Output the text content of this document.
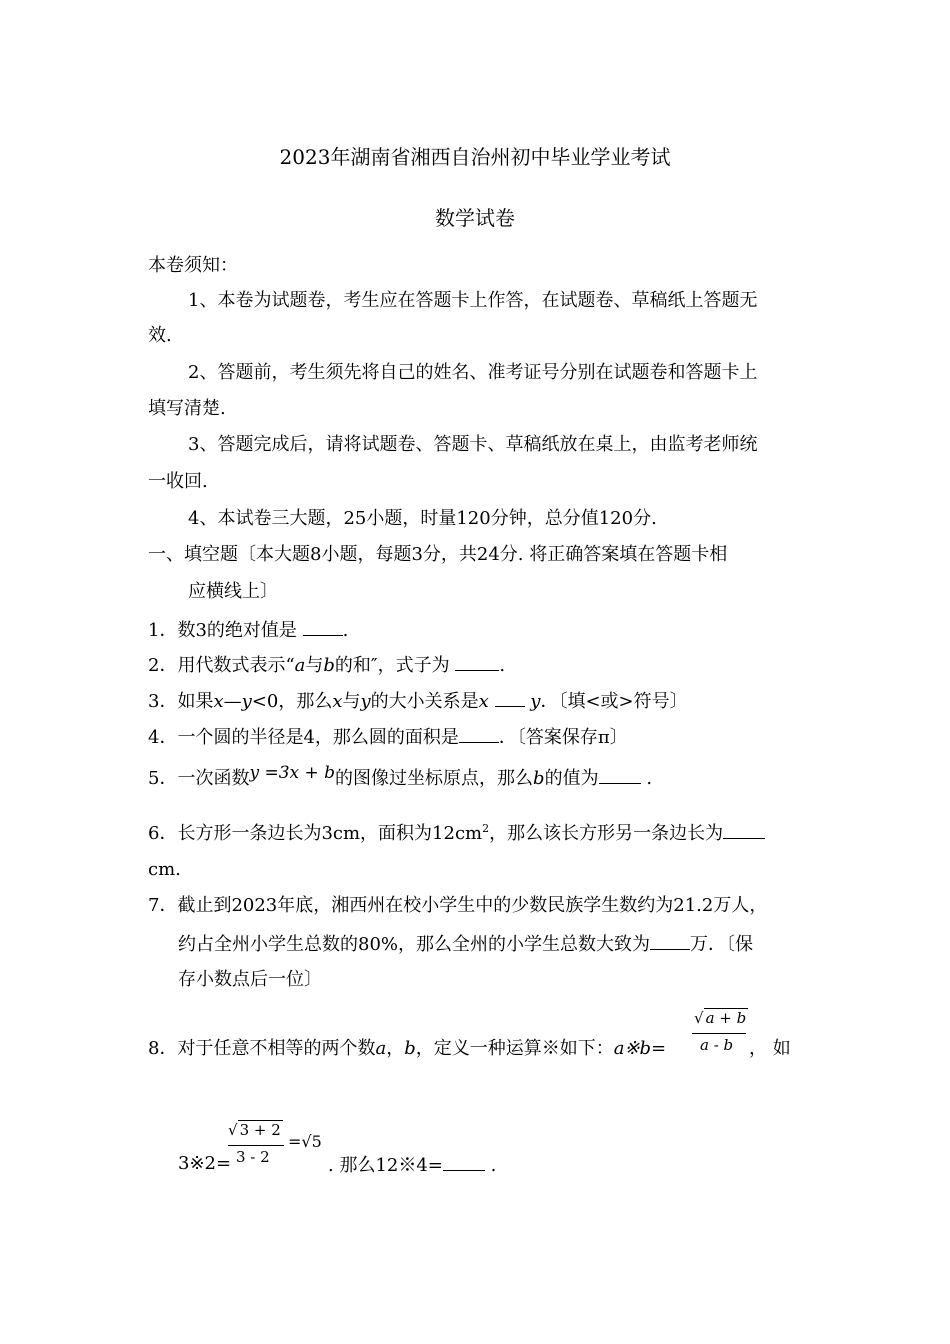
2023年湖南省湘西自治州初中毕业学业考试
数学试卷
本卷须知：
1、本卷为试题卷，考生应在答题卡上作答，在试题卷、草稿纸上答题无
效.
2、答题前，考生须先将自己的姓名、准考证号分别在试题卷和答题卡上
填写清楚.
3、答题完成后，请将试题卷、答题卡、草稿纸放在桌上，由监考老师统
一收回.
4、本试卷三大题，25小题，时量120分钟，总分值120分.
一、填空题〔本大题8小题，每题3分，共24分. 将正确答案填在答题卡相
应横线上〕
1．数3的绝对值是 .
2．用代数式表示“a与b的和″，式子为 .
3．如果x—y<0，那么x与y的大小关系是x y．〔填<或>符号〕
4．一个圆的半径是4，那么圆的面积是 ．〔答案保存π〕
5．一次函数y =3x + b的图像过坐标原点，那么b的值为	.
6．长方形一条边长为3cm，面积为$12cm^2$，那么该长方形另一条边长为
cm.
7．截止到2023年底，湘西州在校小学生中的少数民族学生数约为21.2万人，
约占全州小学生总数的80%，那么全州的小学生总数大致为 万．〔保
存小数点后一位〕
8．对于任意不相等的两个数a，b，定义一种运算※如下：a※b=
√ a + b
a - b ， 如
3※2=
√ 3 + 2
3 - 2
=√5
. 那么12※4=	.
